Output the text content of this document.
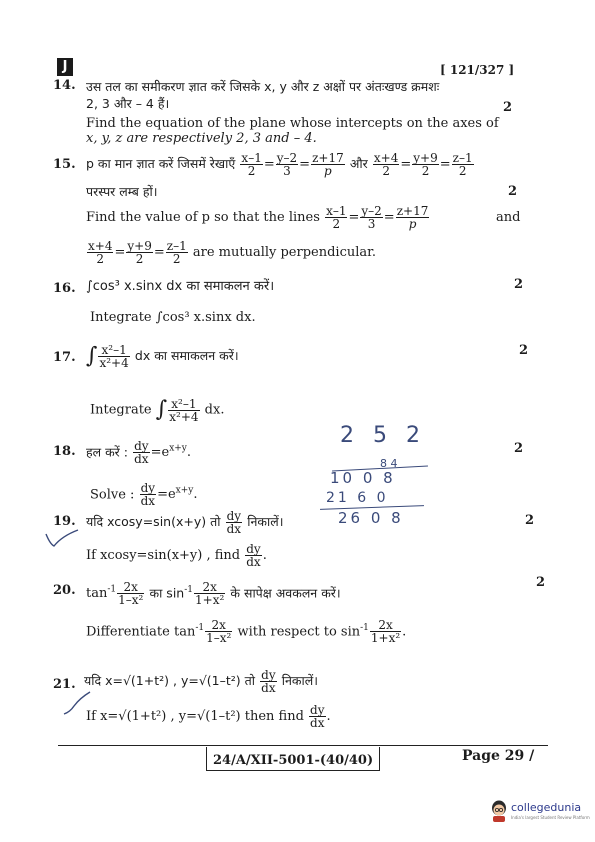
J	[ 121/327 ]
14. उस तल का समीकरण ज्ञात करें जिसके x, y और z अक्षों पर अंतःखण्ड क्रमशः
2, 3 और – 4 हैं।	2
Find the equation of the plane whose intercepts on the axes of
x, y, z are respectively 2, 3 and – 4.
15. p का मान ज्ञात करें जिसमें रेखाएँ $\frac{x-1}{2} = \frac{y-2}{3} = \frac{z+17}{p}$ और $\frac{x+4}{2} = \frac{y+9}{2} = \frac{z-1}{2}$
परस्पर लम्ब हों।	2
Find the value of p so that the lines $\frac{x-1}{2} = \frac{y-2}{3} = \frac{z+17}{p}$	and
$\frac{x+4}{2} = \frac{y+9}{2} = \frac{z-1}{2}$ are mutually perpendicular.
16. ∫cos³ x.sinx dx का समाकलन करें।	2
Integrate ∫cos³ x.sinx dx.
17. ∫ $\frac{\text{x²–1}}{\text{x²+4}}$ dx का समाकलन करें।	2
Integrate ∫ $\frac{\text{x²–1}}{\text{x²+4}}$ dx.
18. हल करें : $\frac{dy}{dx} =e^{x+y}$.	2
Solve : $\frac{dy}{dx} =e^{x+y}$.
2 5 2
8 4
10 0 8
21 6 0
26 0 8
19. यदि xcosy=sin(x+y) तो $\frac{dy}{dx}$ निकालें।	2
If xcosy=sin(x+y) , find $\frac{dy}{dx}$ .
20. $\tan^{-1} \frac{2x}{\text{1–x²}}$ का $\sin^{-1} \frac{2x}{\text{1+x²}}$ के सापेक्ष अवकलन करें।
2
Differentiate $\tan^{-1} \frac{2x}{\text{1–x²}}$ with respect to $\sin^{-1} \frac{2x}{\text{1+x²}}$ .
21. यदि x=√(1+t²) , y=√(1–t²) तो $\frac{dy}{dx}$ निकालें।
If x=√(1+t²) , y=√(1–t²) then find $\frac{dy}{dx}$ .
24/A/XII-5001-(40/40)	Page 29 /
collegedunia
India's largest Student Review Platform
